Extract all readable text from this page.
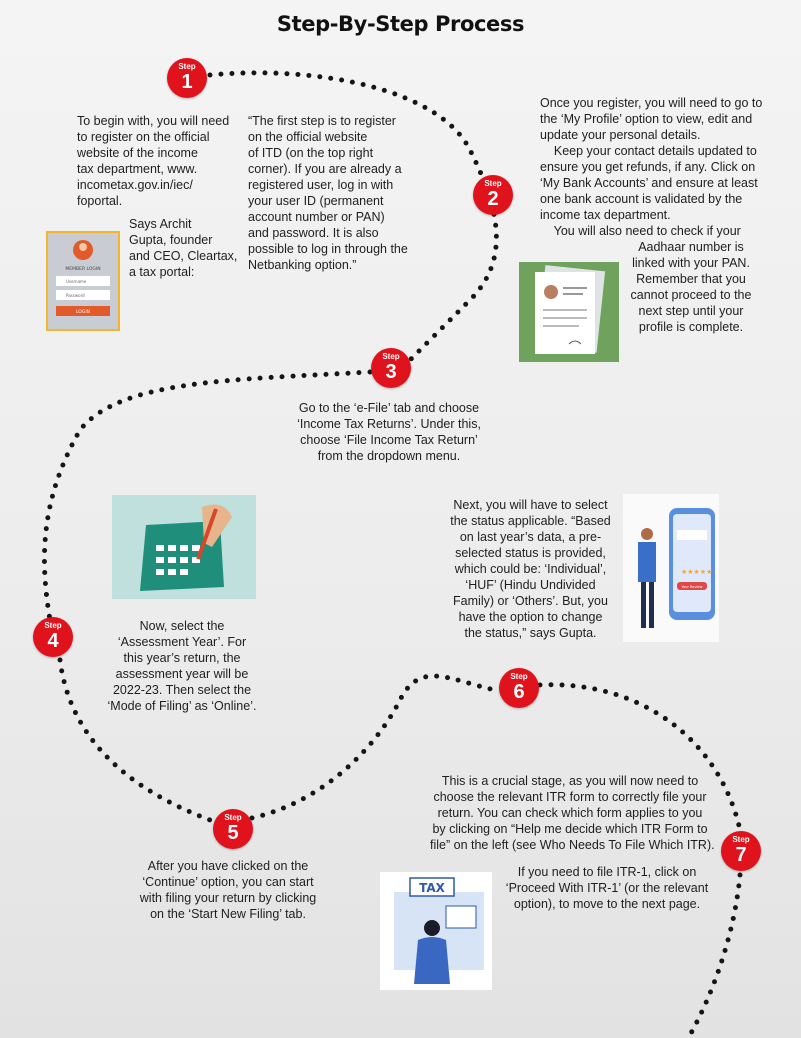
Step-By-Step Process
Step
1
Step
2
Step
3
Step
4
Step
5
Step
6
Step
7
To begin with, you will need
to register on the official
website of the income
tax department, www.
incometax.gov.in/iec/
foportal.
Says Archit
Gupta, founder
and CEO, Cleartax,
a tax portal:
“The first step is to register
on the official website
of ITD (on the top right
corner). If you are already a
registered user, log in with
your user ID (permanent
account number or PAN)
and password. It is also
possible to log in through the
Netbanking option.”
Once you register, you will need to go to
the ‘My Profile’ option to view, edit and
update your personal details.
Keep your contact details updated to
ensure you get refunds, if any. Click on
‘My Bank Accounts’ and ensure at least
one bank account is validated by the
income tax department.
You will also need to check if your
Aadhaar number is
linked with your PAN.
Remember that you
cannot proceed to the
next step until your
profile is complete.
Go to the ‘e-File’ tab and choose
‘Income Tax Returns’. Under this,
choose ‘File Income Tax Return’
from the dropdown menu.
Next, you will have to select
the status applicable. “Based
on last year’s data, a pre-
selected status is provided,
which could be: ‘Individual’,
‘HUF’ (Hindu Undivided
Family) or ‘Others’. But, you
have the option to change
the status,” says Gupta.
Now, select the
‘Assessment Year’. For
this year’s return, the
assessment year will be
2022-23. Then select the
‘Mode of Filing’ as ‘Online’.
This is a crucial stage, as you will now need to
choose the relevant ITR form to correctly file your
return. You can check which form applies to you
by clicking on “Help me decide which ITR Form to
file” on the left (see Who Needs To File Which ITR).
If you need to file ITR-1, click on
‘Proceed With ITR-1’ (or the relevant
option), to move to the next page.
After you have clicked on the
‘Continue’ option, you can start
with filing your return by clicking
on the ‘Start New Filing’ tab.
MEMBER LOGIN
Username
Password
LOGIN
★★★★★
Your Review
TAX
